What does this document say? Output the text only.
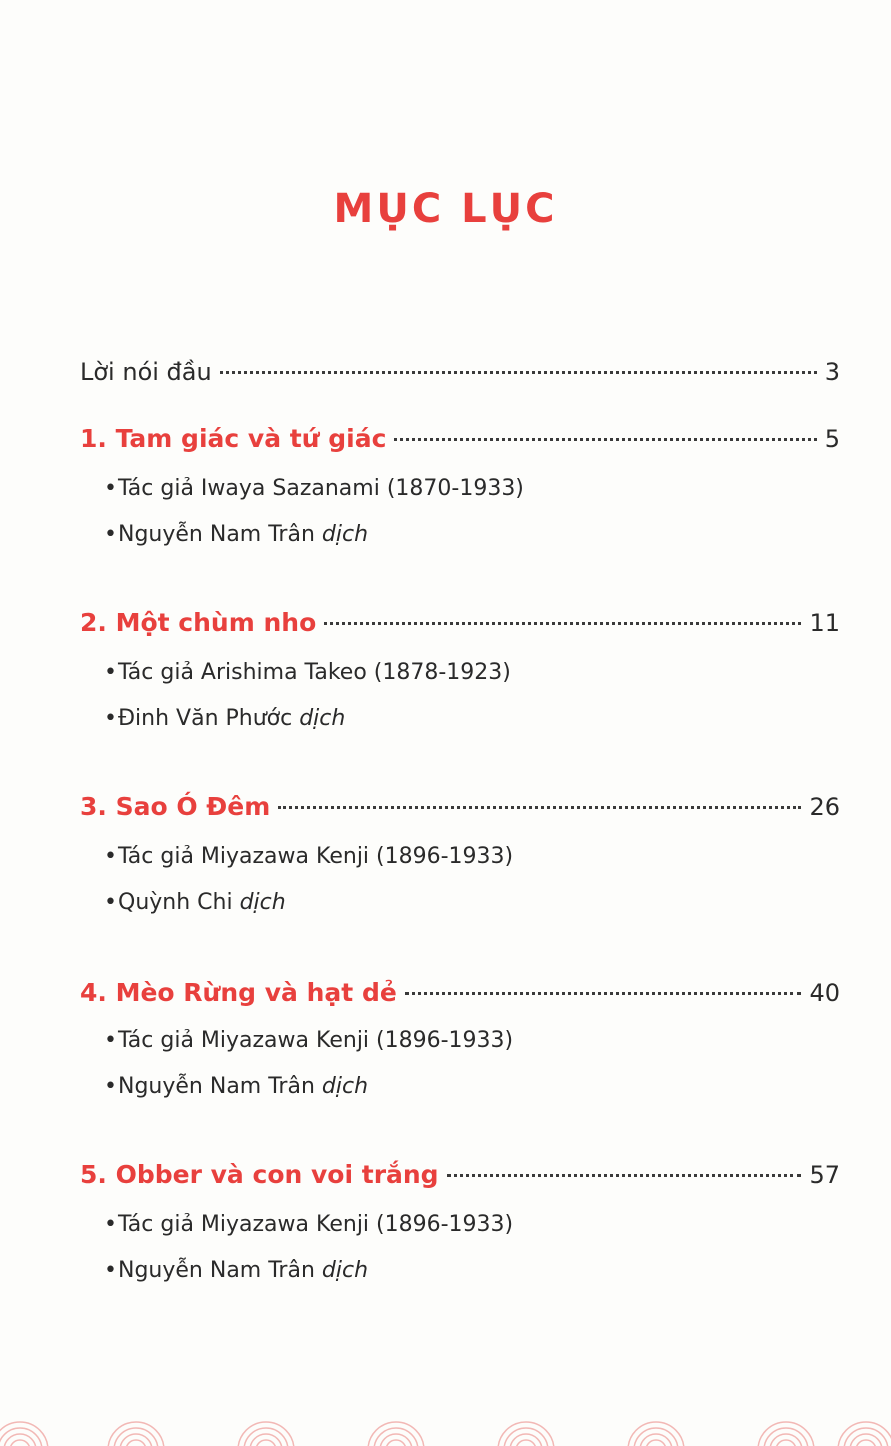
MỤC LỤC
Lời nói đầu	3
1. Tam giác và tứ giác	5
•Tác giả Iwaya Sazanami (1870-1933)
•Nguyễn Nam Trân dịch
2. Một chùm nho	11
•Tác giả Arishima Takeo (1878-1923)
•Đinh Văn Phước dịch
3. Sao Ó Đêm	26
•Tác giả Miyazawa Kenji (1896-1933)
•Quỳnh Chi dịch
4. Mèo Rừng và hạt dẻ	40
•Tác giả Miyazawa Kenji (1896-1933)
•Nguyễn Nam Trân dịch
5. Obber và con voi trắng	57
•Tác giả Miyazawa Kenji (1896-1933)
•Nguyễn Nam Trân dịch
